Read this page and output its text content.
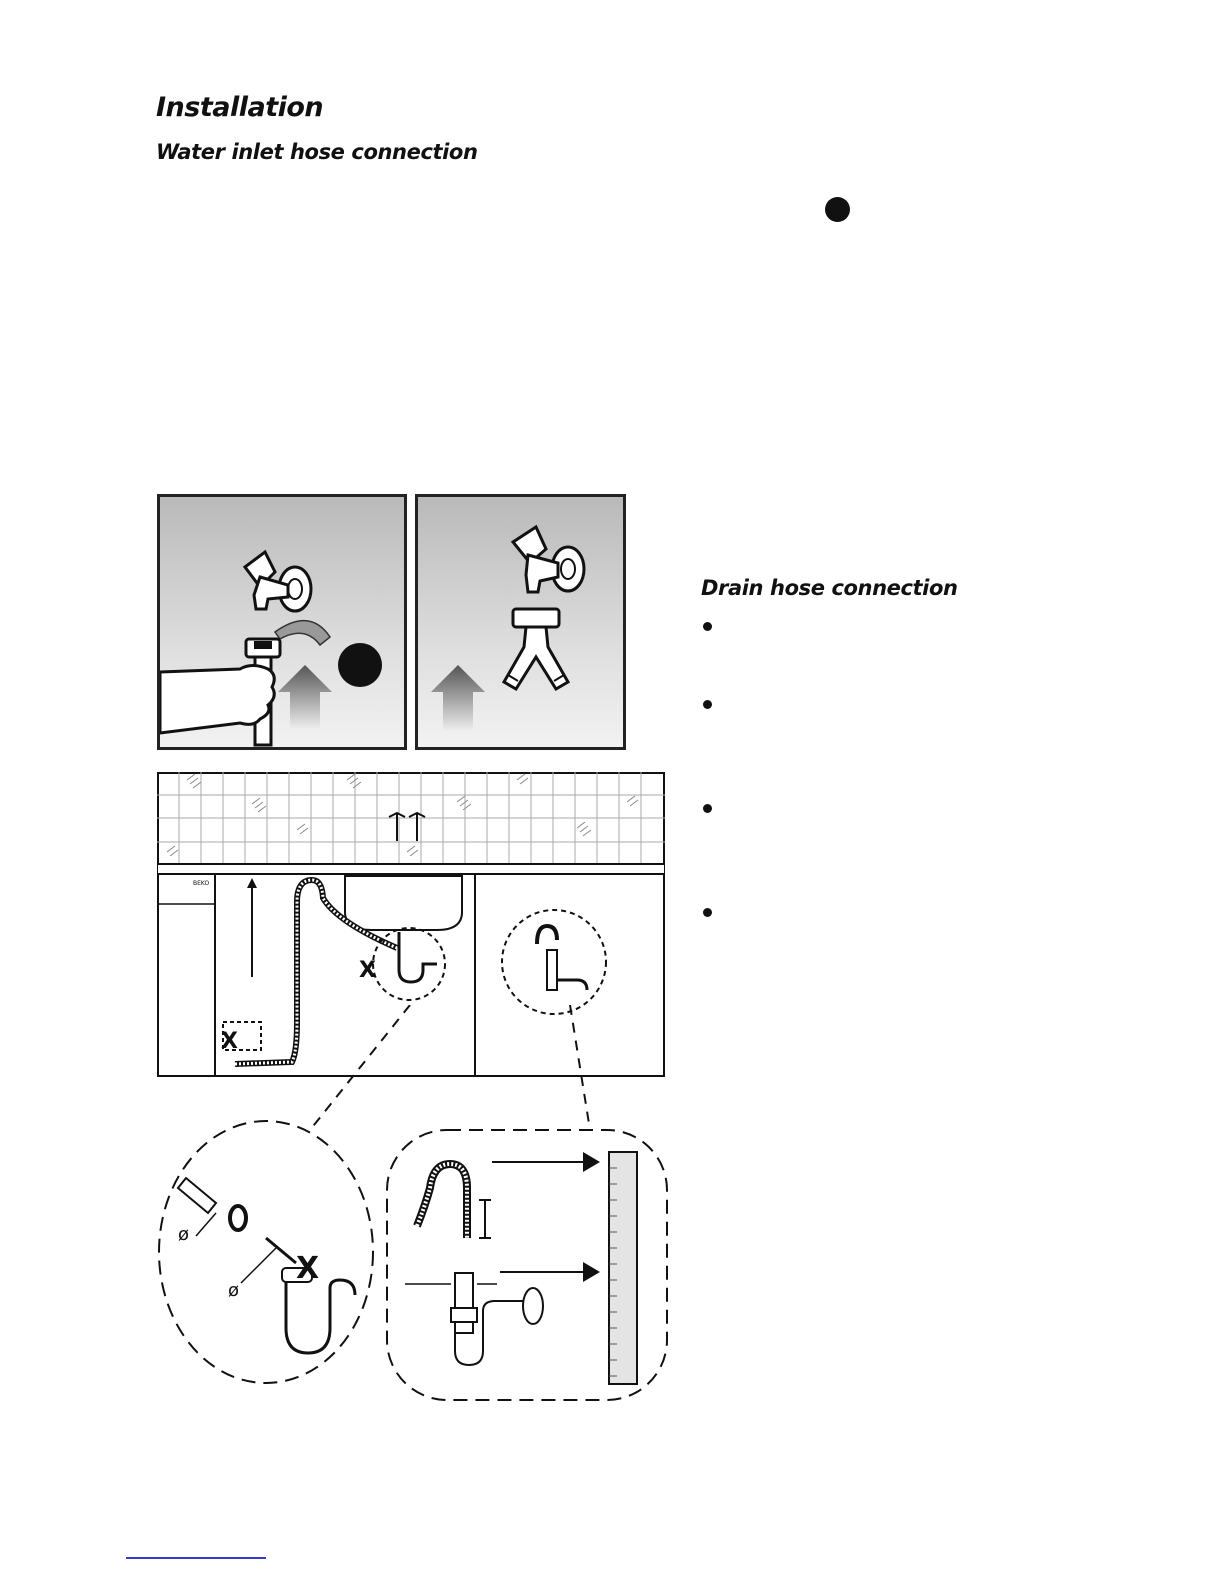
Installation
Water inlet hose connection
Drain hose connection
BEKO
X
X
X
ø
ø
